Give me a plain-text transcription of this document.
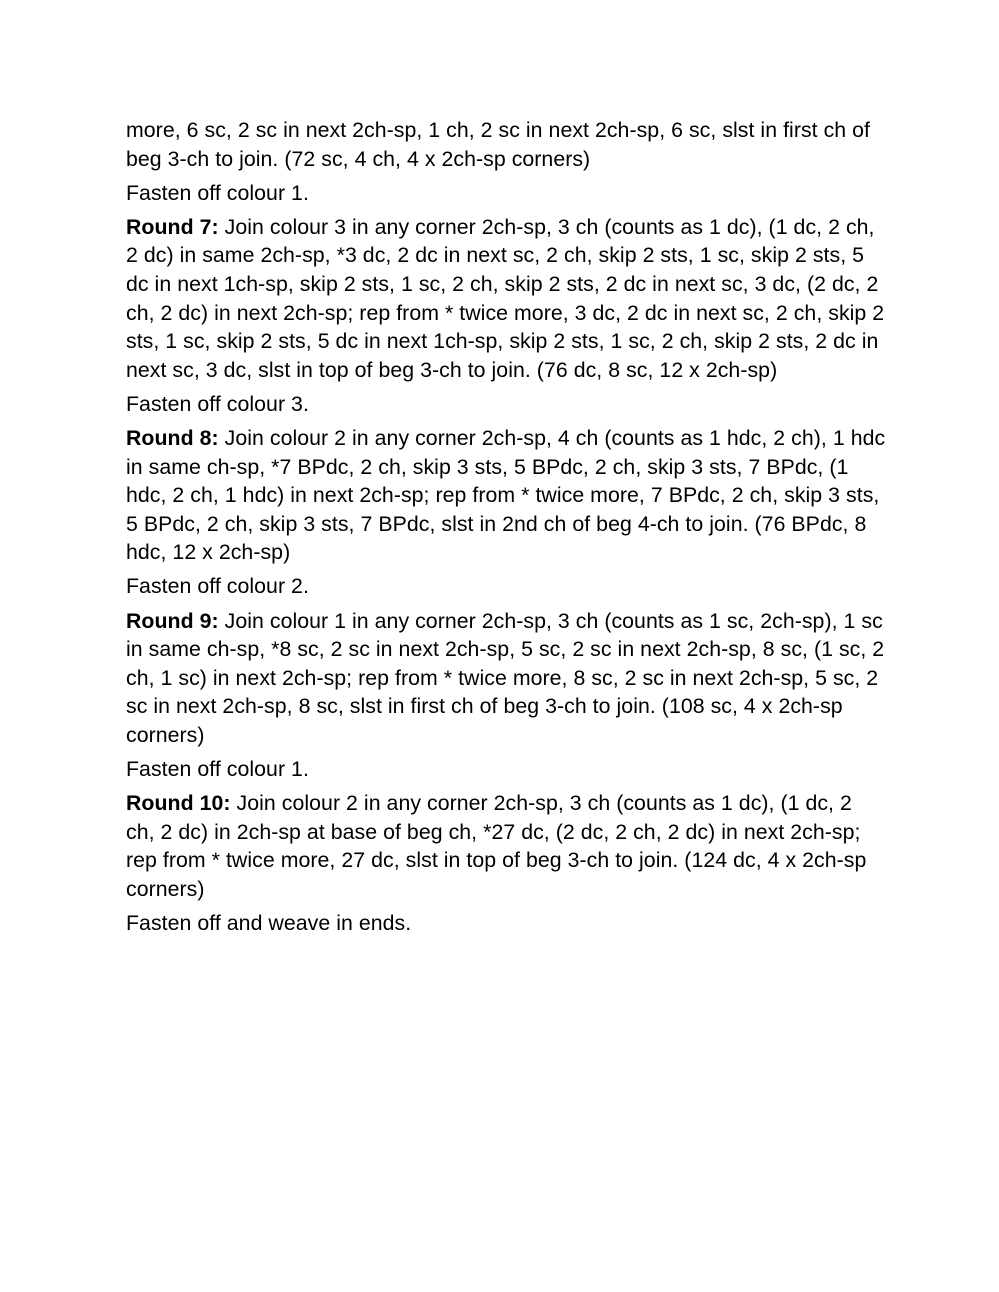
more, 6 sc, 2 sc in next 2ch-sp, 1 ch, 2 sc in next 2ch-sp, 6 sc, slst in first ch of beg 3-ch to join. (72 sc, 4 ch, 4 x 2ch-sp corners)

Fasten off colour 1.

Round 7: Join colour 3 in any corner 2ch-sp, 3 ch (counts as 1 dc), (1 dc, 2 ch, 2 dc) in same 2ch-sp, *3 dc, 2 dc in next sc, 2 ch, skip 2 sts, 1 sc, skip 2 sts, 5 dc in next 1ch-sp, skip 2 sts, 1 sc, 2 ch, skip 2 sts, 2 dc in next sc, 3 dc, (2 dc, 2 ch, 2 dc) in next 2ch-sp; rep from * twice more, 3 dc, 2 dc in next sc, 2 ch, skip 2 sts, 1 sc, skip 2 sts, 5 dc in next 1ch-sp, skip 2 sts, 1 sc, 2 ch, skip 2 sts, 2 dc in next sc, 3 dc, slst in top of beg 3-ch to join. (76 dc, 8 sc, 12 x 2ch-sp)

Fasten off colour 3.

Round 8: Join colour 2 in any corner 2ch-sp, 4 ch (counts as 1 hdc, 2 ch), 1 hdc in same ch-sp, *7 BPdc, 2 ch, skip 3 sts, 5 BPdc, 2 ch, skip 3 sts, 7 BPdc, (1 hdc, 2 ch, 1 hdc) in next 2ch-sp; rep from * twice more, 7 BPdc, 2 ch, skip 3 sts, 5 BPdc, 2 ch, skip 3 sts, 7 BPdc, slst in 2nd ch of beg 4-ch to join. (76 BPdc, 8 hdc, 12 x 2ch-sp)

Fasten off colour 2.

Round 9: Join colour 1 in any corner 2ch-sp, 3 ch (counts as 1 sc, 2ch-sp), 1 sc in same ch-sp, *8 sc, 2 sc in next 2ch-sp, 5 sc, 2 sc in next 2ch-sp, 8 sc, (1 sc, 2 ch, 1 sc) in next 2ch-sp; rep from * twice more, 8 sc, 2 sc in next 2ch-sp, 5 sc, 2 sc in next 2ch-sp, 8 sc, slst in first ch of beg 3-ch to join. (108 sc, 4 x 2ch-sp corners)

Fasten off colour 1.

Round 10: Join colour 2 in any corner 2ch-sp, 3 ch (counts as 1 dc), (1 dc, 2 ch, 2 dc) in 2ch-sp at base of beg ch, *27 dc, (2 dc, 2 ch, 2 dc) in next 2ch-sp; rep from * twice more, 27 dc, slst in top of beg 3-ch to join. (124 dc, 4 x 2ch-sp corners)

Fasten off and weave in ends.
